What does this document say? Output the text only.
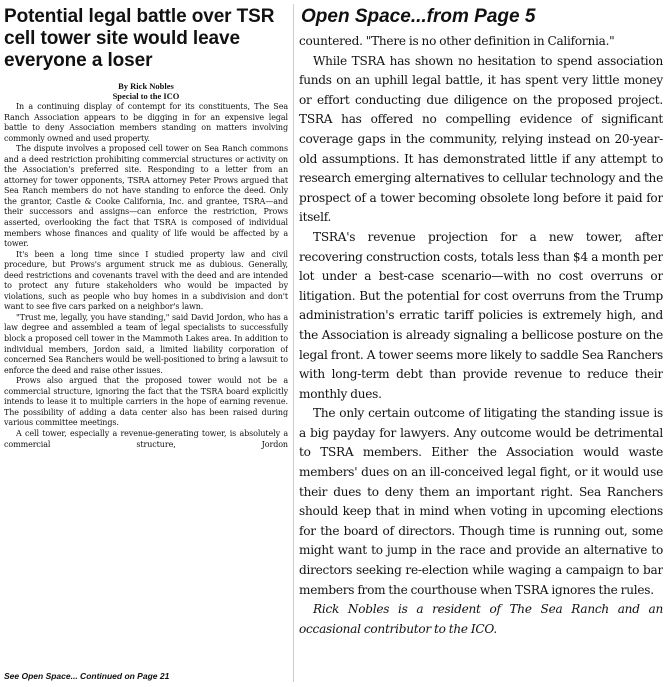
Potential legal battle over TSR cell tower site would leave everyone a loser
By Rick Nobles
Special to the ICO

In a continuing display of contempt for its constituents, The Sea Ranch Association appears to be digging in for an expensive legal battle to deny Association members standing on matters involving commonly owned and used property.

The dispute involves a proposed cell tower on Sea Ranch commons and a deed restriction prohibiting commercial structures or activity on the Association's preferred site. Responding to a letter from an attorney for tower opponents, TSRA attorney Peter Prows argued that Sea Ranch members do not have standing to enforce the deed. Only the grantor, Castle & Cooke California, Inc. and grantee, TSRA—and their successors and assigns—can enforce the restriction, Prows asserted, overlooking the fact that TSRA is composed of individual members whose finances and quality of life would be affected by a tower.

It's been a long time since I studied property law and civil procedure, but Prows's argument struck me as dubious. Generally, deed restrictions and covenants travel with the deed and are intended to protect any future stakeholders who would be impacted by violations, such as people who buy homes in a subdivision and don't want to see five cars parked on a neighbor's lawn.

"Trust me, legally, you have standing," said David Jordon, who has a law degree and assembled a team of legal specialists to successfully block a proposed cell tower in the Mammoth Lakes area. In addition to individual members, Jordon said, a limited liability corporation of concerned Sea Ranchers would be well-positioned to bring a lawsuit to enforce the deed and raise other issues.

Prows also argued that the proposed tower would not be a commercial structure, ignoring the fact that the TSRA board explicitly intends to lease it to multiple carriers in the hope of earning revenue. The possibility of adding a data center also has been raised during various committee meetings.

A cell tower, especially a revenue-generating tower, is absolutely a commercial structure, Jordon

See Open Space... Continued on Page 21
Open Space...from Page 5

countered. "There is no other definition in California."

While TSRA has shown no hesitation to spend association funds on an uphill legal battle, it has spent very little money or effort conducting due diligence on the proposed project. TSRA has offered no compelling evidence of significant coverage gaps in the community, relying instead on 20-year-old assumptions. It has demonstrated little if any attempt to research emerging alternatives to cellular technology and the prospect of a tower becoming obsolete long before it paid for itself.

TSRA's revenue projection for a new tower, after recovering construction costs, totals less than $4 a month per lot under a best-case scenario—with no cost overruns or litigation. But the potential for cost overruns from the Trump administration's erratic tariff policies is extremely high, and the Association is already signaling a bellicose posture on the legal front. A tower seems more likely to saddle Sea Ranchers with long-term debt than provide revenue to reduce their monthly dues.

The only certain outcome of litigating the standing issue is a big payday for lawyers. Any outcome would be detrimental to TSRA members. Either the Association would waste members' dues on an ill-conceived legal fight, or it would use their dues to deny them an important right. Sea Ranchers should keep that in mind when voting in upcoming elections for the board of directors. Though time is running out, some might want to jump in the race and provide an alternative to directors seeking re-election while waging a campaign to bar members from the courthouse when TSRA ignores the rules.

Rick Nobles is a resident of The Sea Ranch and an occasional contributor to the ICO.
